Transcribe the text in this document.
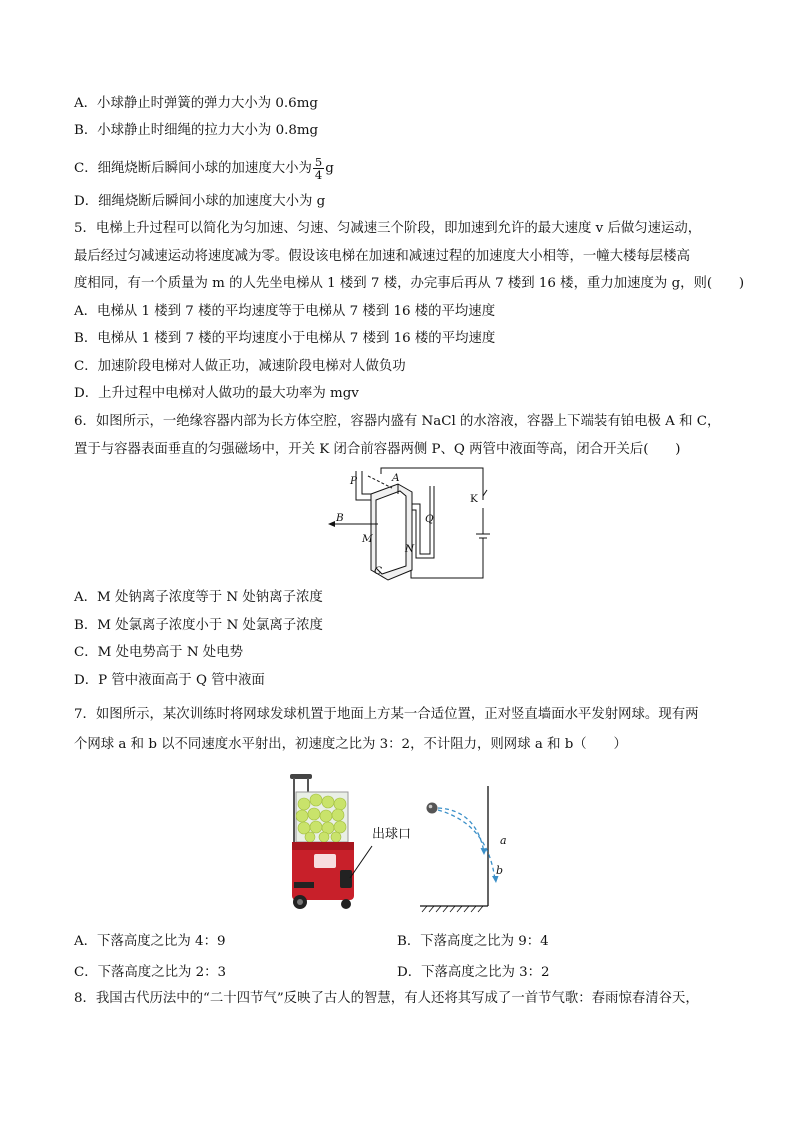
A．小球静止时弹簧的弹力大小为 0.6mg
B．小球静止时细绳的拉力大小为 0.8mg
C．细绳烧断后瞬间小球的加速度大小为 $\frac{5}{4}$ g
D．细绳烧断后瞬间小球的加速度大小为 g
5．电梯上升过程可以简化为匀加速、匀速、匀减速三个阶段，即加速到允许的最大速度 v 后做匀速运动，
最后经过匀减速运动将速度减为零。假设该电梯在加速和减速过程的加速度大小相等，一幢大楼每层楼高
度相同，有一个质量为 m 的人先坐电梯从 1 楼到 7 楼，办完事后再从 7 楼到 16 楼，重力加速度为 g，则(　　)
A．电梯从 1 楼到 7 楼的平均速度等于电梯从 7 楼到 16 楼的平均速度
B．电梯从 1 楼到 7 楼的平均速度小于电梯从 7 楼到 16 楼的平均速度
C．加速阶段电梯对人做正功，减速阶段电梯对人做负功
D．上升过程中电梯对人做功的最大功率为 mgv
6．如图所示，一绝缘容器内部为长方体空腔，容器内盛有 NaCl 的水溶液，容器上下端装有铂电极 A 和 C，
置于与容器表面垂直的匀强磁场中，开关 K 闭合前容器两侧 P、Q 两管中液面等高，闭合开关后(　　)
P	A
Q
B
M
N
C
K
A．M 处钠离子浓度等于 N 处钠离子浓度
B．M 处氯离子浓度小于 N 处氯离子浓度
C．M 处电势高于 N 处电势
D．P 管中液面高于 Q 管中液面
7．如图所示，某次训练时将网球发球机置于地面上方某一合适位置，正对竖直墙面水平发射网球。现有两
个网球 a 和 b 以不同速度水平射出，初速度之比为 3：2，不计阻力，则网球 a 和 b（　　）
出球口	a
b
A．下落高度之比为 4：9	B．下落高度之比为 9：4
C．下落高度之比为 2：3	D．下落高度之比为 3：2
8．我国古代历法中的“二十四节气”反映了古人的智慧，有人还将其写成了一首节气歌：春雨惊春清谷天，
